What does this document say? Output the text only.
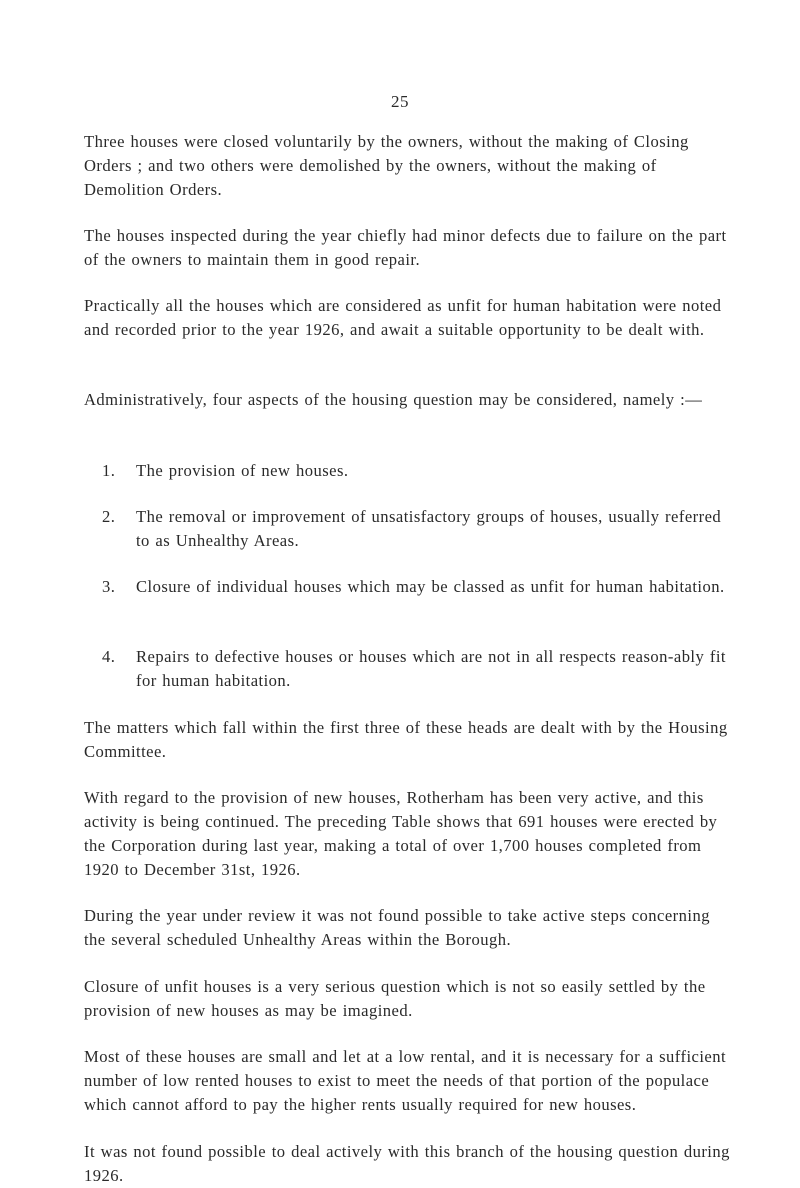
25

Three houses were closed voluntarily by the owners, without the making of Closing Orders ; and two others were demolished by the owners, without the making of Demolition Orders.

The houses inspected during the year chiefly had minor defects due to failure on the part of the owners to maintain them in good repair.

Practically all the houses which are considered as unfit for human habitation were noted and recorded prior to the year 1926, and await a suitable opportunity to be dealt with.

Administratively, four aspects of the housing question may be considered, namely :—

1. The provision of new houses.
2. The removal or improvement of unsatisfactory groups of houses, usually referred to as Unhealthy Areas.
3. Closure of individual houses which may be classed as unfit for human habitation.
4. Repairs to defective houses or houses which are not in all respects reason-ably fit for human habitation.

The matters which fall within the first three of these heads are dealt with by the Housing Committee.

With regard to the provision of new houses, Rotherham has been very active, and this activity is being continued. The preceding Table shows that 691 houses were erected by the Corporation during last year, making a total of over 1,700 houses completed from 1920 to December 31st, 1926.

During the year under review it was not found possible to take active steps concerning the several scheduled Unhealthy Areas within the Borough.

Closure of unfit houses is a very serious question which is not so easily settled by the provision of new houses as may be imagined.

Most of these houses are small and let at a low rental, and it is necessary for a sufficient number of low rented houses to exist to meet the needs of that portion of the populace which cannot afford to pay the higher rents usually required for new houses.

It was not found possible to deal actively with this branch of the housing question during 1926.
